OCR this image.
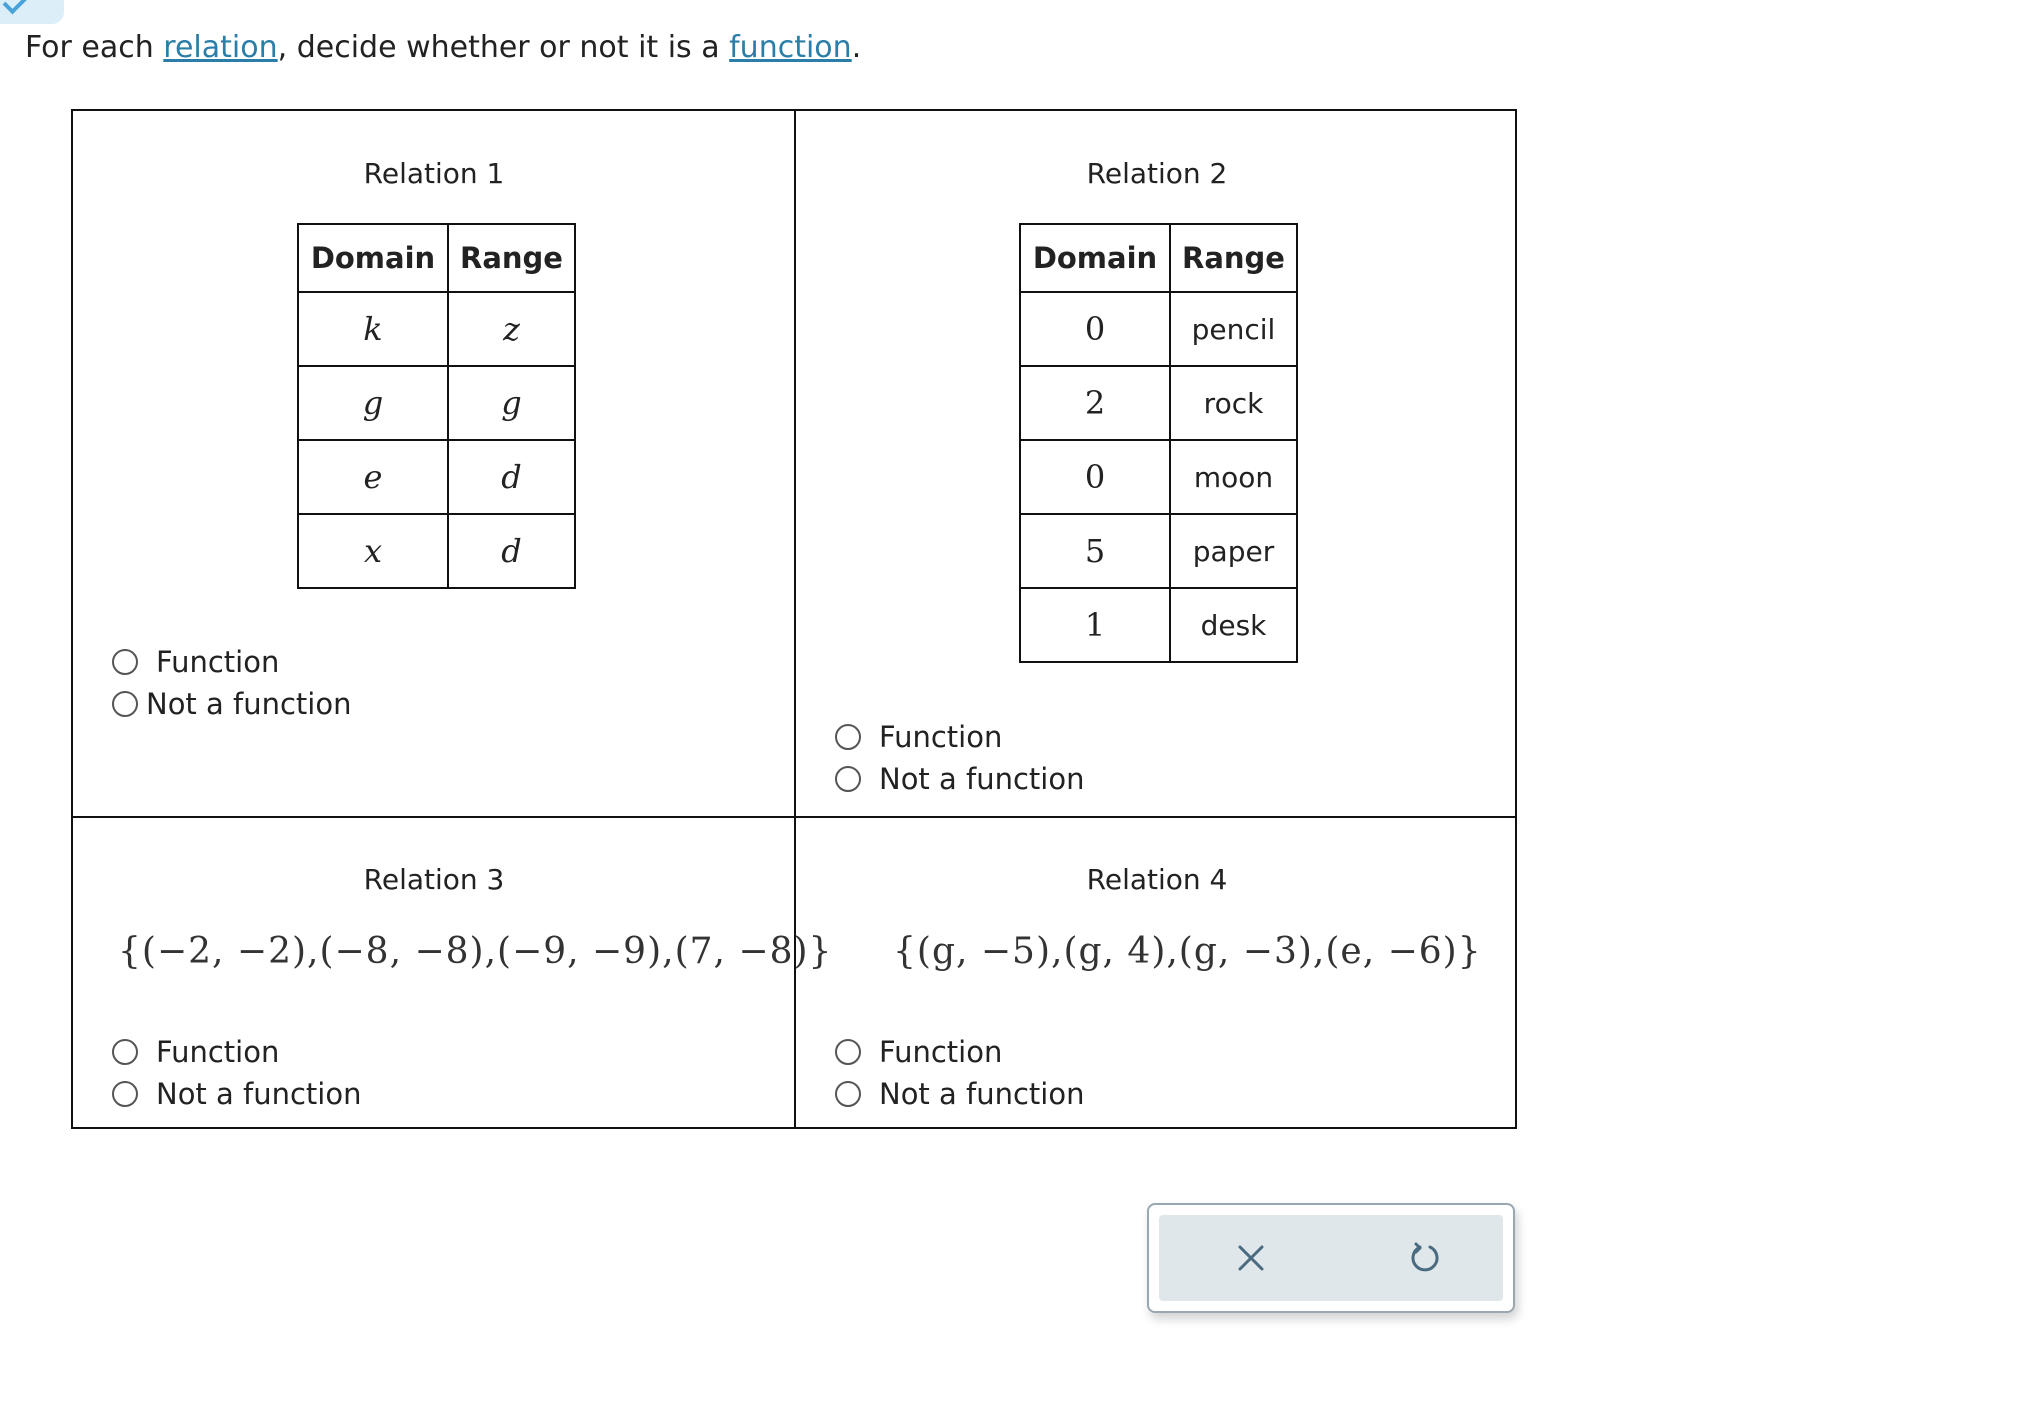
For each relation, decide whether or not it is a function.
Relation 1
Domain	Range
k	z
g	g
e	d
x	d
Function
Not a function
Relation 2
Domain	Range
0	pencil
2	rock
0	moon
5	paper
1	desk
Function
Not a function
Relation 3
{(−2, −2),(−8, −8),(−9, −9),(7, −8)}
Function
Not a function
Relation 4
{(g, −5),(g, 4),(g, −3),(e, −6)}
Function
Not a function
